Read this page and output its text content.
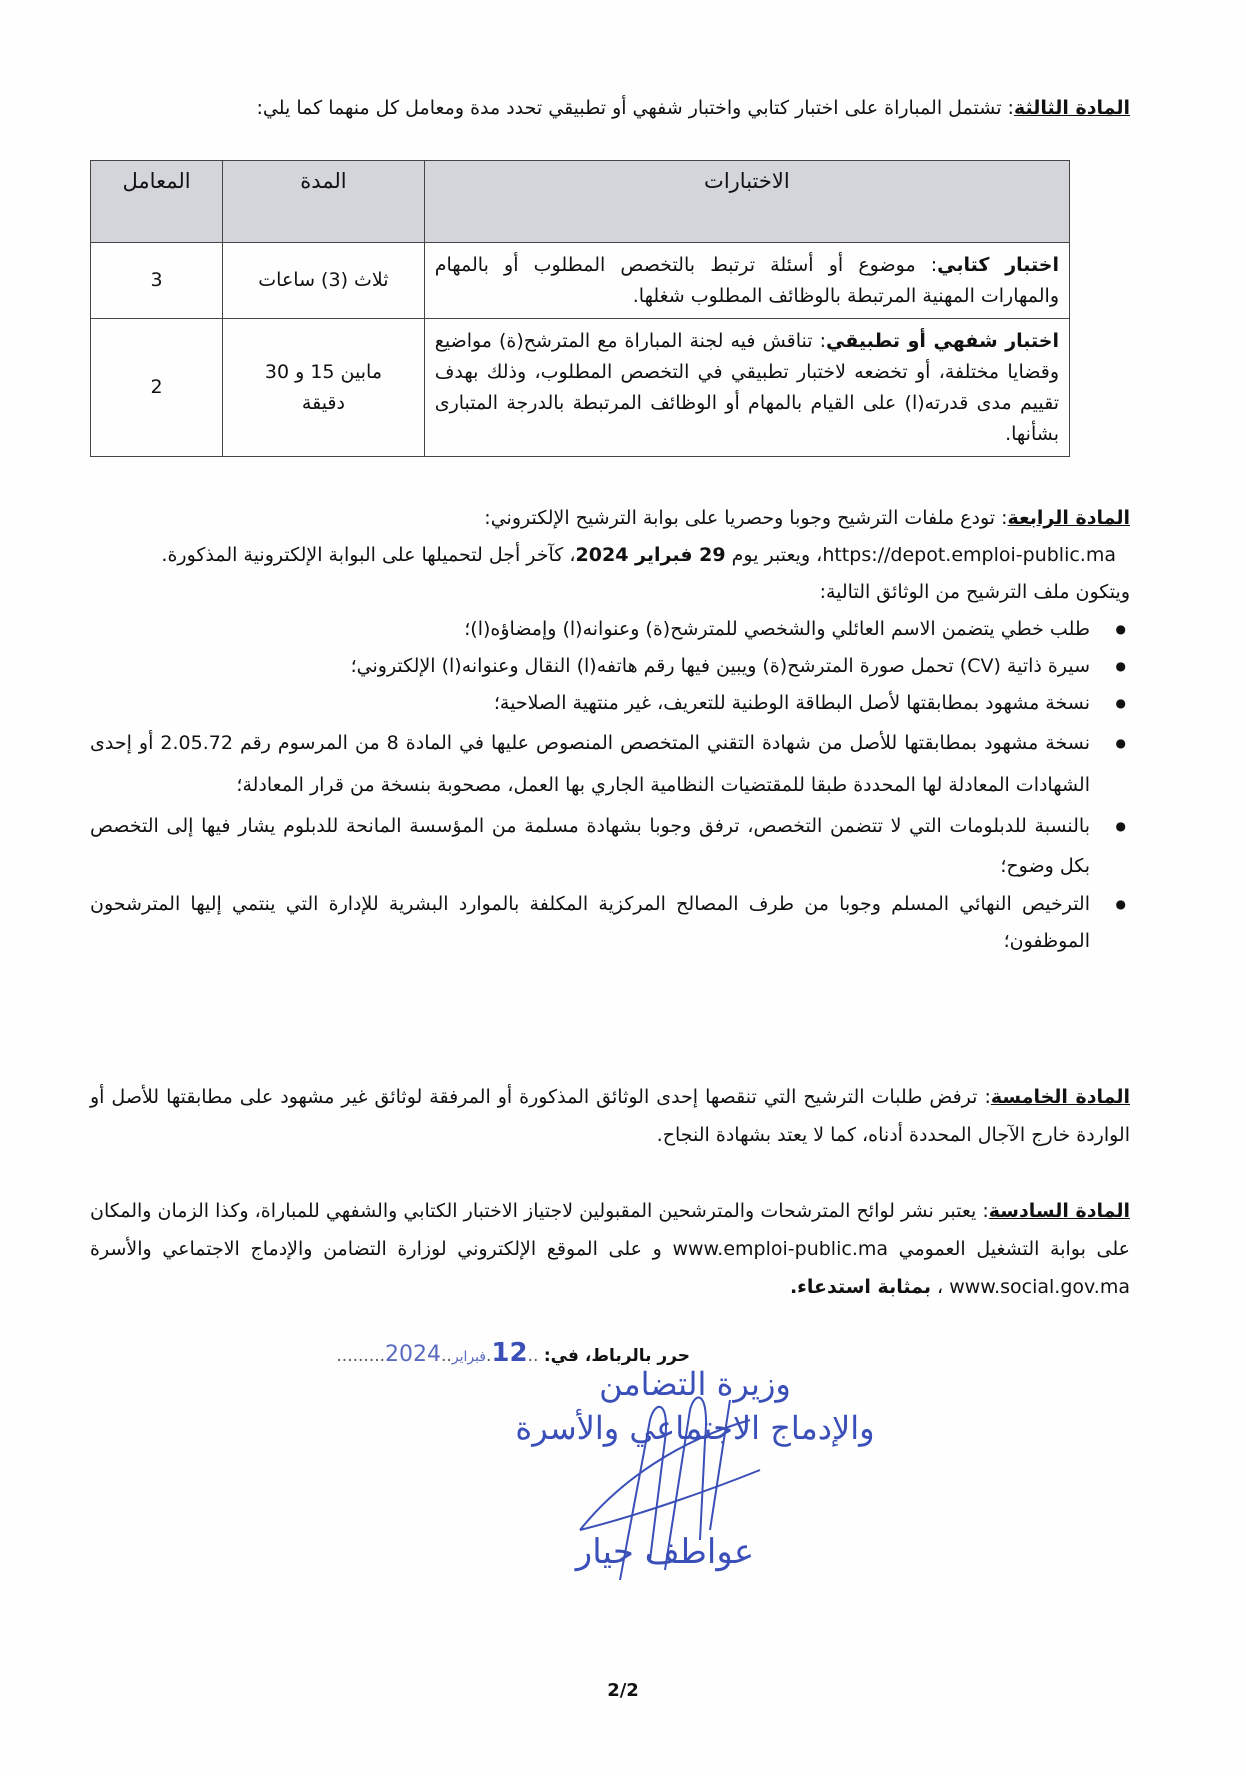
المادة الثالثة: تشتمل المباراة على اختبار كتابي واختبار شفهي أو تطبيقي تحدد مدة ومعامل كل منهما كما يلي:
الاختبارات	المدة	المعامل
اختبار كتابي: موضوع أو أسئلة ترتبط بالتخصص المطلوب أو بالمهام والمهارات المهنية المرتبطة بالوظائف المطلوب شغلها.	ثلاث (3) ساعات	3
اختبار شفهي أو تطبيقي: تناقش فيه لجنة المباراة مع المترشح(ة) مواضيع وقضايا مختلفة، أو تخضعه لاختبار تطبيقي في التخصص المطلوب، وذلك بهدف تقييم مدى قدرته(ا) على القيام بالمهام أو الوظائف المرتبطة بالدرجة المتبارى بشأنها.	مابين 15 و 30 دقيقة	2
المادة الرابعة: تودع ملفات الترشيح وجوبا وحصريا على بوابة الترشيح الإلكتروني:
https://depot.emploi-public.ma، ويعتبر يوم 29 فبراير 2024، كآخر أجل لتحميلها على البوابة الإلكترونية المذكورة.
ويتكون ملف الترشيح من الوثائق التالية:
● طلب خطي يتضمن الاسم العائلي والشخصي للمترشح(ة) وعنوانه(ا) وإمضاؤه(ا)؛
● سيرة ذاتية (CV) تحمل صورة المترشح(ة) ويبين فيها رقم هاتفه(ا) النقال وعنوانه(ا) الإلكتروني؛
● نسخة مشهود بمطابقتها لأصل البطاقة الوطنية للتعريف، غير منتهية الصلاحية؛
● نسخة مشهود بمطابقتها للأصل من شهادة التقني المتخصص المنصوص عليها في المادة 8 من المرسوم رقم 2.05.72 أو إحدى الشهادات المعادلة لها المحددة طبقا للمقتضيات النظامية الجاري بها العمل، مصحوبة بنسخة من قرار المعادلة؛
● بالنسبة للدبلومات التي لا تتضمن التخصص، ترفق وجوبا بشهادة مسلمة من المؤسسة المانحة للدبلوم يشار فيها إلى التخصص بكل وضوح؛
● الترخيص النهائي المسلم وجوبا من طرف المصالح المركزية المكلفة بالموارد البشرية للإدارة التي ينتمي إليها المترشحون الموظفون؛
المادة الخامسة: ترفض طلبات الترشيح التي تنقصها إحدى الوثائق المذكورة أو المرفقة لوثائق غير مشهود على مطابقتها للأصل أو الواردة خارج الآجال المحددة أدناه، كما لا يعتد بشهادة النجاح.
المادة السادسة: يعتبر نشر لوائح المترشحات والمترشحين المقبولين لاجتياز الاختبار الكتابي والشفهي للمباراة، وكذا الزمان والمكان على بوابة التشغيل العمومي www.emploi-public.ma و على الموقع الإلكتروني لوزارة التضامن والإدماج الاجتماعي والأسرة www.social.gov.ma ، بمثابة استدعاء.
حرر بالرباط، في: ..12.فبراير..2024.........
وزيرة التضامن
والإدماج الاجتماعي والأسرة
عواطف حيار
2/2
